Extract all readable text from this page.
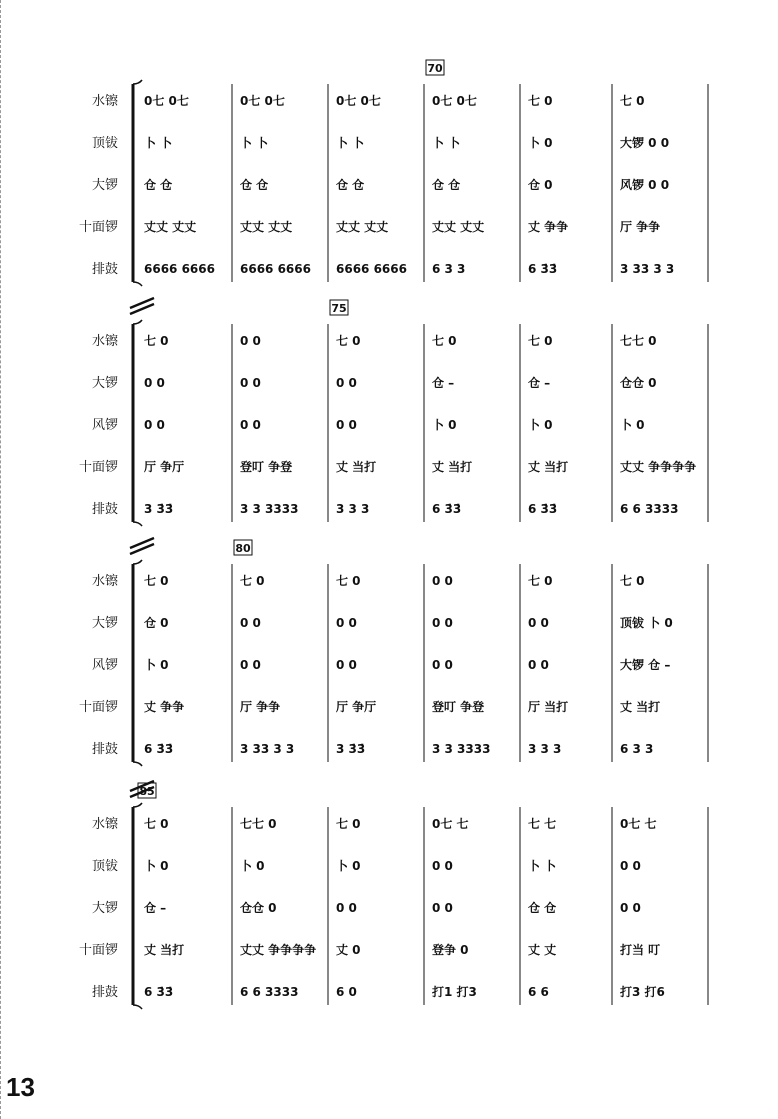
70
水镲
顶钹
大锣
十面锣
排鼓
0七 0七
卜 卜
仓 仓
丈丈 丈丈
6666 6666
0七 0七
卜 卜
仓 仓
丈丈 丈丈
6666 6666
0七 0七
卜 卜
仓 仓
丈丈 丈丈
6666 6666
0七 0七
卜 卜
仓 仓
丈丈 丈丈
6 3 3
七 0
卜 0
仓 0
丈 争争
6 3̇3̇
七 0
大锣 0 0
风锣 0 0
厅 争争
3 33 3 3
75
水镲
大锣
风锣
十面锣
排鼓
七 0
0 0
0 0
厅 争厅
3 3̇3̇
0 0
0 0
0 0
登叮 争登
3 3 3333
七 0
0 0
0 0
丈 当打
3 3 3
七 0
仓 –
卜 0
丈 当打
6 3̇3̇
七 0
仓 –
卜 0
丈 当打
6 3̇3̇
七七 0
仓仓 0
卜 0
丈丈 争争争争
6 6 3333
80
水镲
大锣
风锣
十面锣
排鼓
七 0
仓 0
卜 0
丈 争争
6 3̇3̇
七 0
0 0
0 0
厅 争争
3 33 3 3
七 0
0 0
0 0
厅 争厅
3 3̇3̇
0 0
0 0
0 0
登叮 争登
3 3 3333
七 0
0 0
0 0
厅 当打
3 3 3
七 0
顶钹 卜 0
大锣 仓 –
丈 当打
6 3 3
85
水镲
顶钹
大锣
十面锣
排鼓
七 0
卜 0
仓 –
丈 当打
6 3̇3̇
七七 0
卜 0
仓仓 0
丈丈 争争争争
6 6 3333
七 0
卜 0
0 0
丈 0
6 0
0七 七
0 0
0 0
登争 0
打1 打3
七 七
卜 卜
仓 仓
丈 丈
6 6
0七 七
0 0
0 0
打当 叮
打3 打6
13
